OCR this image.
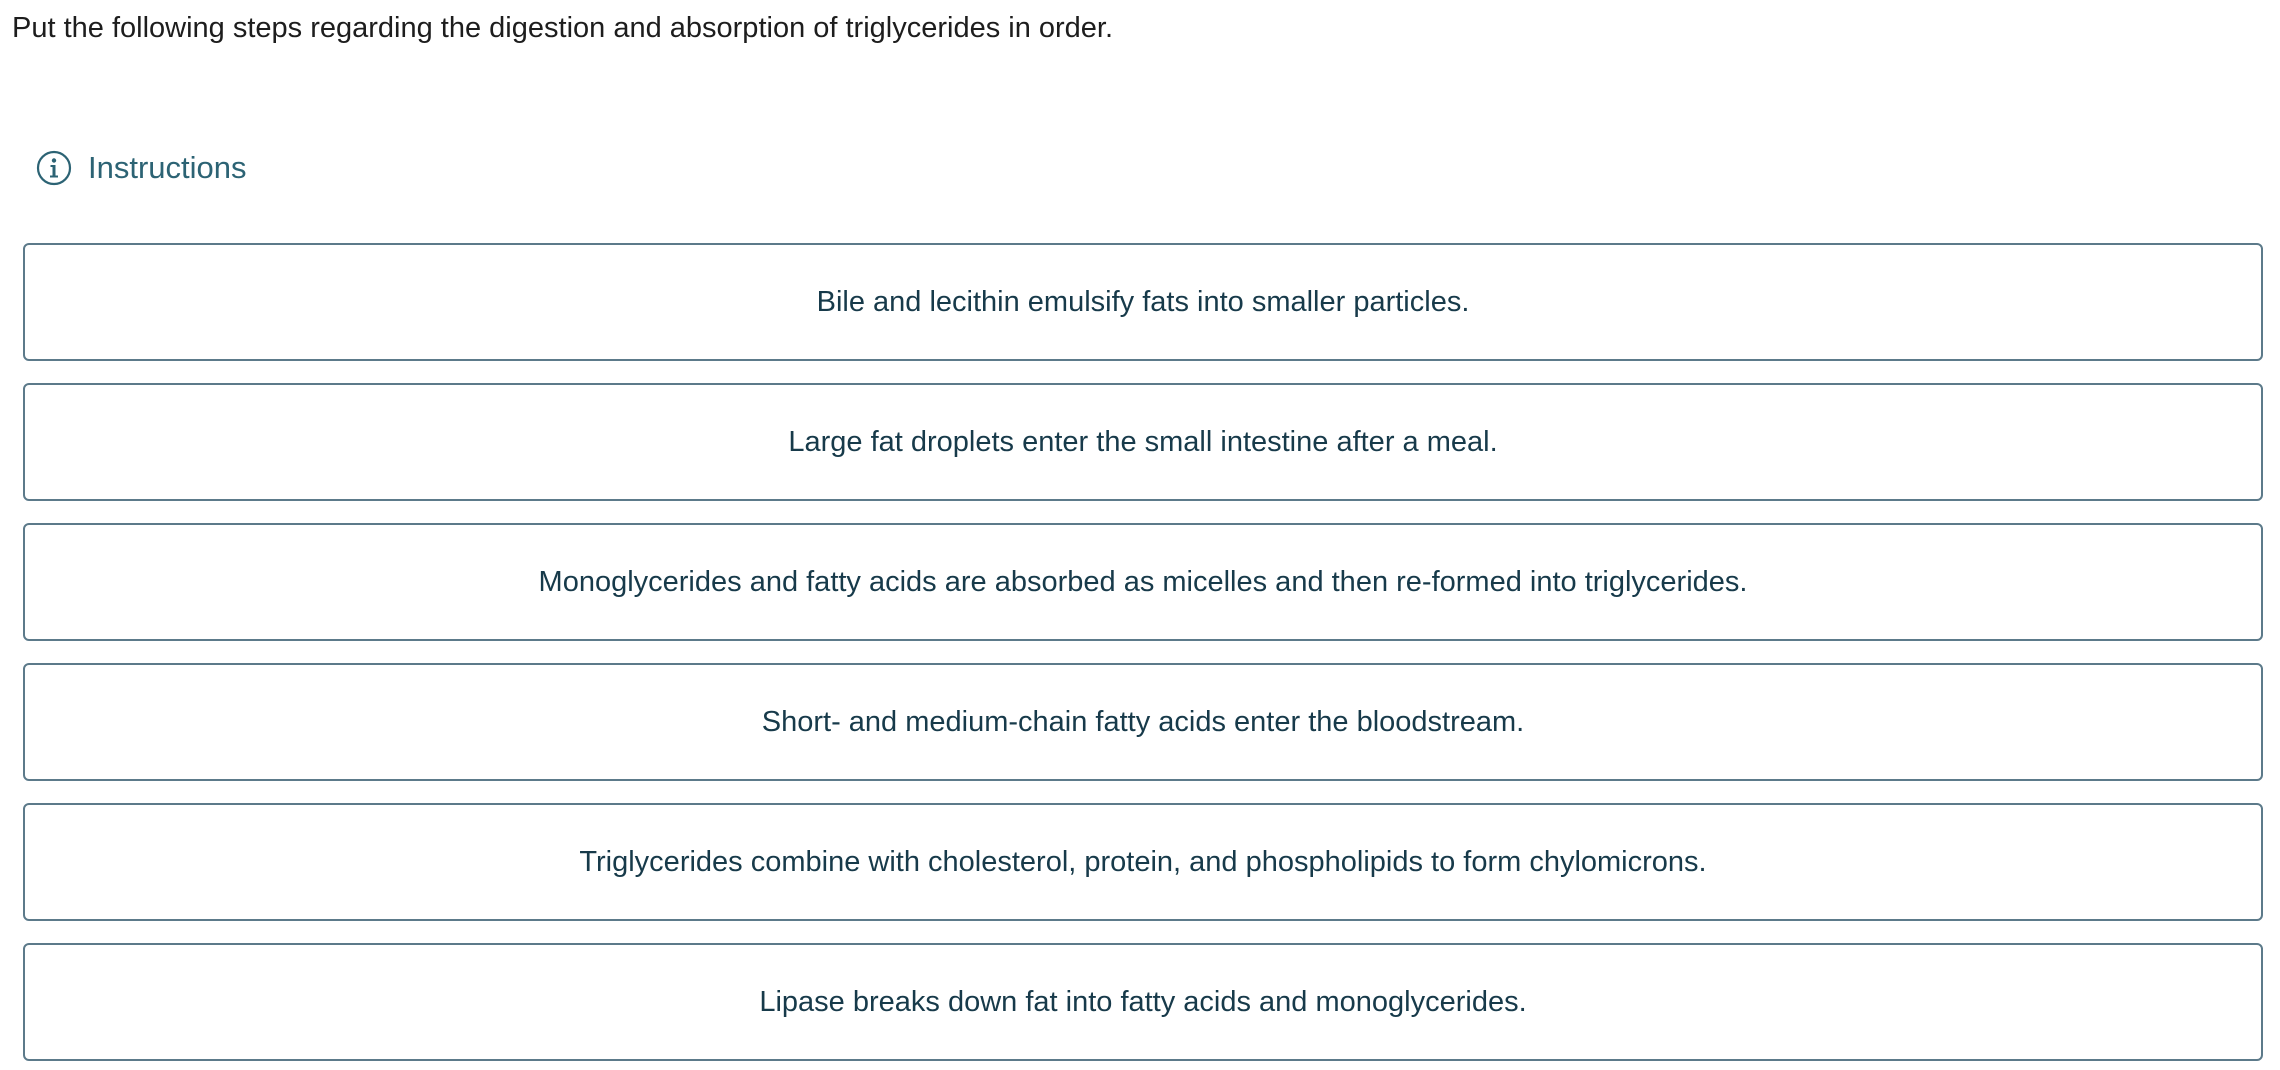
Put the following steps regarding the digestion and absorption of triglycerides in order.
Instructions
Bile and lecithin emulsify fats into smaller particles.
Large fat droplets enter the small intestine after a meal.
Monoglycerides and fatty acids are absorbed as micelles and then re-formed into triglycerides.
Short- and medium-chain fatty acids enter the bloodstream.
Triglycerides combine with cholesterol, protein, and phospholipids to form chylomicrons.
Lipase breaks down fat into fatty acids and monoglycerides.
